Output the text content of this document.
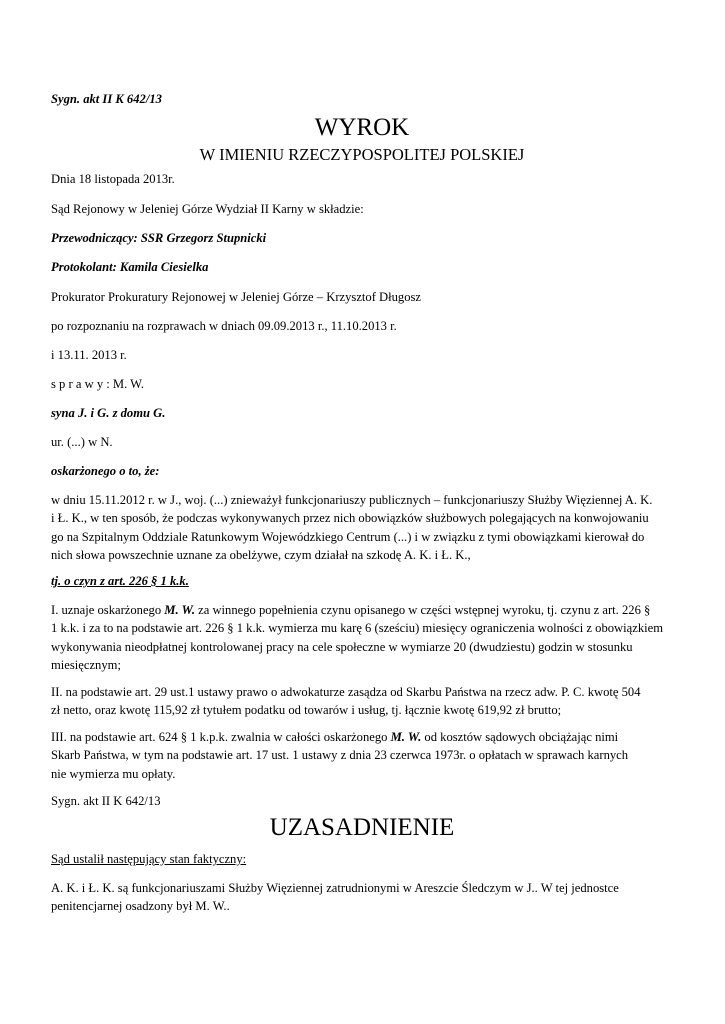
Sygn. akt II K 642/13
WYROK
W IMIENIU RZECZYPOSPOLITEJ POLSKIEJ
Dnia 18 listopada 2013r.
Sąd Rejonowy w Jeleniej Górze Wydział II Karny w składzie:
Przewodniczący: SSR Grzegorz Stupnicki
Protokolant: Kamila Ciesielka
Prokurator Prokuratury Rejonowej w Jeleniej Górze – Krzysztof Długosz
po rozpoznaniu na rozprawach w dniach 09.09.2013 r., 11.10.2013 r.
i 13.11. 2013 r.
s p r a w y : M. W.
syna J. i G. z domu G.
ur. (...) w N.
oskarżonego o to, że:
w dniu 15.11.2012 r. w J., woj. (...) znieważył funkcjonariuszy publicznych – funkcjonariuszy Służby Więziennej A. K.
i Ł. K., w ten sposób, że podczas wykonywanych przez nich obowiązków służbowych polegających na konwojowaniu
go na Szpitalnym Oddziale Ratunkowym Wojewódzkiego Centrum (...) i w związku z tymi obowiązkami kierował do
nich słowa powszechnie uznane za obelżywe, czym działał na szkodę A. K. i Ł. K.,
tj. o czyn z art. 226 § 1 k.k.
I. uznaje oskarżonego M. W. za winnego popełnienia czynu opisanego w części wstępnej wyroku, tj. czynu z art. 226 §
1 k.k. i za to na podstawie art. 226 § 1 k.k. wymierza mu karę 6 (sześciu) miesięcy ograniczenia wolności z obowiązkiem
wykonywania nieodpłatnej kontrolowanej pracy na cele społeczne w wymiarze 20 (dwudziestu) godzin w stosunku
miesięcznym;
II. na podstawie art. 29 ust.1 ustawy prawo o adwokaturze zasądza od Skarbu Państwa na rzecz adw. P. C. kwotę 504
zł netto, oraz kwotę 115,92 zł tytułem podatku od towarów i usług, tj. łącznie kwotę 619,92 zł brutto;
III. na podstawie art. 624 § 1 k.p.k. zwalnia w całości oskarżonego M. W. od kosztów sądowych obciążając nimi
Skarb Państwa, w tym na podstawie art. 17 ust. 1 ustawy z dnia 23 czerwca 1973r. o opłatach w sprawach karnych
nie wymierza mu opłaty.
Sygn. akt II K 642/13
UZASADNIENIE
Sąd ustalił następujący stan faktyczny:
A. K. i Ł. K. są funkcjonariuszami Służby Więziennej zatrudnionymi w Areszcie Śledczym w J.. W tej jednostce
penitencjarnej osadzony był M. W..
